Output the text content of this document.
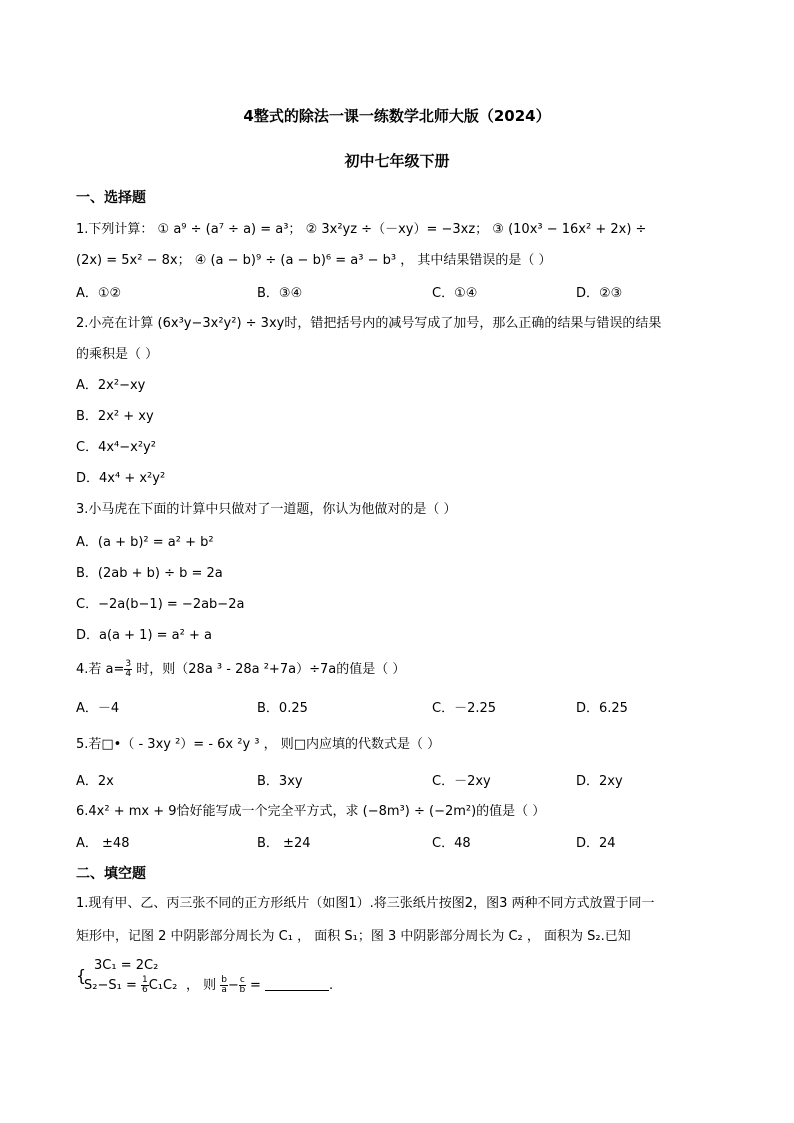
4整式的除法一课一练数学北师大版（2024）
初中七年级下册
一、选择题
1.下列计算： ① a⁹ ÷ (a⁷ ÷ a) = a³； ② 3x²yz ÷（－xy）= −3xz； ③ (10x³ − 16x² + 2x) ÷
(2x) = 5x² − 8x； ④ (a − b)⁹ ÷ (a − b)⁶ = a³ − b³ ， 其中结果错误的是（ ）
A．①②	B．③④	C．①④	D．②③
2.小亮在计算 (6x³y−3x²y²) ÷ 3xy时，错把括号内的减号写成了加号，那么正确的结果与错误的结果
的乘积是（ ）
A．2x²−xy
B．2x² + xy
C．4x⁴−x²y²
D．4x⁴ + x²y²
3.小马虎在下面的计算中只做对了一道题，你认为他做对的是（ ）
A．(a + b)² = a² + b²
B．(2ab + b) ÷ b = 2a
C．−2a(b−1) = −2ab−2a
D．a(a + 1) = a² + a
4.若 $a= \frac{3}{4}$ 时，则（28a ³ - 28a ²+7a）÷7a的值是（ ）
A．－4	B．0.25	C．－2.25	D．6.25
5.若□•（ - 3xy ²）= - 6x ²y ³ ， 则□内应填的代数式是（ ）
A．2x	B．3xy	C．－2xy	D．2xy
6.4x² + mx + 9恰好能写成一个完全平方式，求 (−8m³) ÷ (−2m²)的值是（ ）
A． ±48	B． ±24	C．48	D．24
二、填空题
1.现有甲、乙、丙三张不同的正方形纸片（如图1）.将三张纸片按图2，图3 两种不同方式放置于同一
矩形中，记图 2 中阴影部分周长为 C₁ ， 面积 S₁；图 3 中阴影部分周长为 C₂ ， 面积为 S₂.已知
{
3C₁ = 2C₂
$S_2-S_1 = \frac{1}{6} C_1C_2$ ， 则 $\frac{b}{a} - \frac{c}{b}$ =	.
